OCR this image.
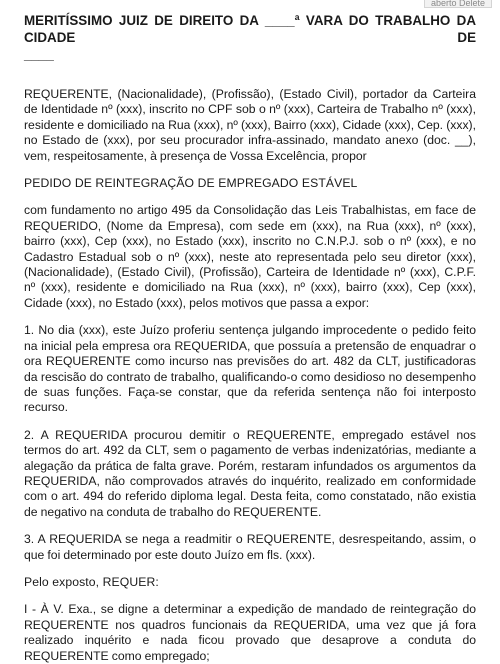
aberto Delete

MERITÍSSIMO JUIZ DE DIREITO DA ____ª VARA DO TRABALHO DA CIDADE DE
____

REQUERENTE, (Nacionalidade), (Profissão), (Estado Civil), portador da Carteira de Identidade nº (xxx), inscrito no CPF sob o nº (xxx), Carteira de Trabalho nº (xxx), residente e domiciliado na Rua (xxx), nº (xxx), Bairro (xxx), Cidade (xxx), Cep. (xxx), no Estado de (xxx), por seu procurador infra-assinado, mandato anexo (doc. __), vem, respeitosamente, à presença de Vossa Excelência, propor

PEDIDO DE REINTEGRAÇÃO DE EMPREGADO ESTÁVEL

com fundamento no artigo 495 da Consolidação das Leis Trabalhistas, em face de REQUERIDO, (Nome da Empresa), com sede em (xxx), na Rua (xxx), nº (xxx), bairro (xxx), Cep (xxx), no Estado (xxx), inscrito no C.N.P.J. sob o nº (xxx), e no Cadastro Estadual sob o nº (xxx), neste ato representada pelo seu diretor (xxx), (Nacionalidade), (Estado Civil), (Profissão), Carteira de Identidade nº (xxx), C.P.F. nº (xxx), residente e domiciliado na Rua (xxx), nº (xxx), bairro (xxx), Cep (xxx), Cidade (xxx), no Estado (xxx), pelos motivos que passa a expor:

1. No dia (xxx), este Juízo proferiu sentença julgando improcedente o pedido feito na inicial pela empresa ora REQUERIDA, que possuía a pretensão de enquadrar o ora REQUERENTE como incurso nas previsões do art. 482 da CLT, justificadoras da rescisão do contrato de trabalho, qualificando-o como desidioso no desempenho de suas funções. Faça-se constar, que da referida sentença não foi interposto recurso.

2. A REQUERIDA procurou demitir o REQUERENTE, empregado estável nos termos do art. 492 da CLT, sem o pagamento de verbas indenizatórias, mediante a alegação da prática de falta grave. Porém, restaram infundados os argumentos da REQUERIDA, não comprovados através do inquérito, realizado em conformidade com o art. 494 do referido diploma legal. Desta feita, como constatado, não existia de negativo na conduta de trabalho do REQUERENTE.

3. A REQUERIDA se nega a readmitir o REQUERENTE, desrespeitando, assim, o que foi determinado por este douto Juízo em fls. (xxx).

Pelo exposto, REQUER:

I - À V. Exa., se digne a determinar a expedição de mandado de reintegração do REQUERENTE nos quadros funcionais da REQUERIDA, uma vez que já fora realizado inquérito e nada ficou provado que desaprove a conduta do REQUERENTE como empregado;
